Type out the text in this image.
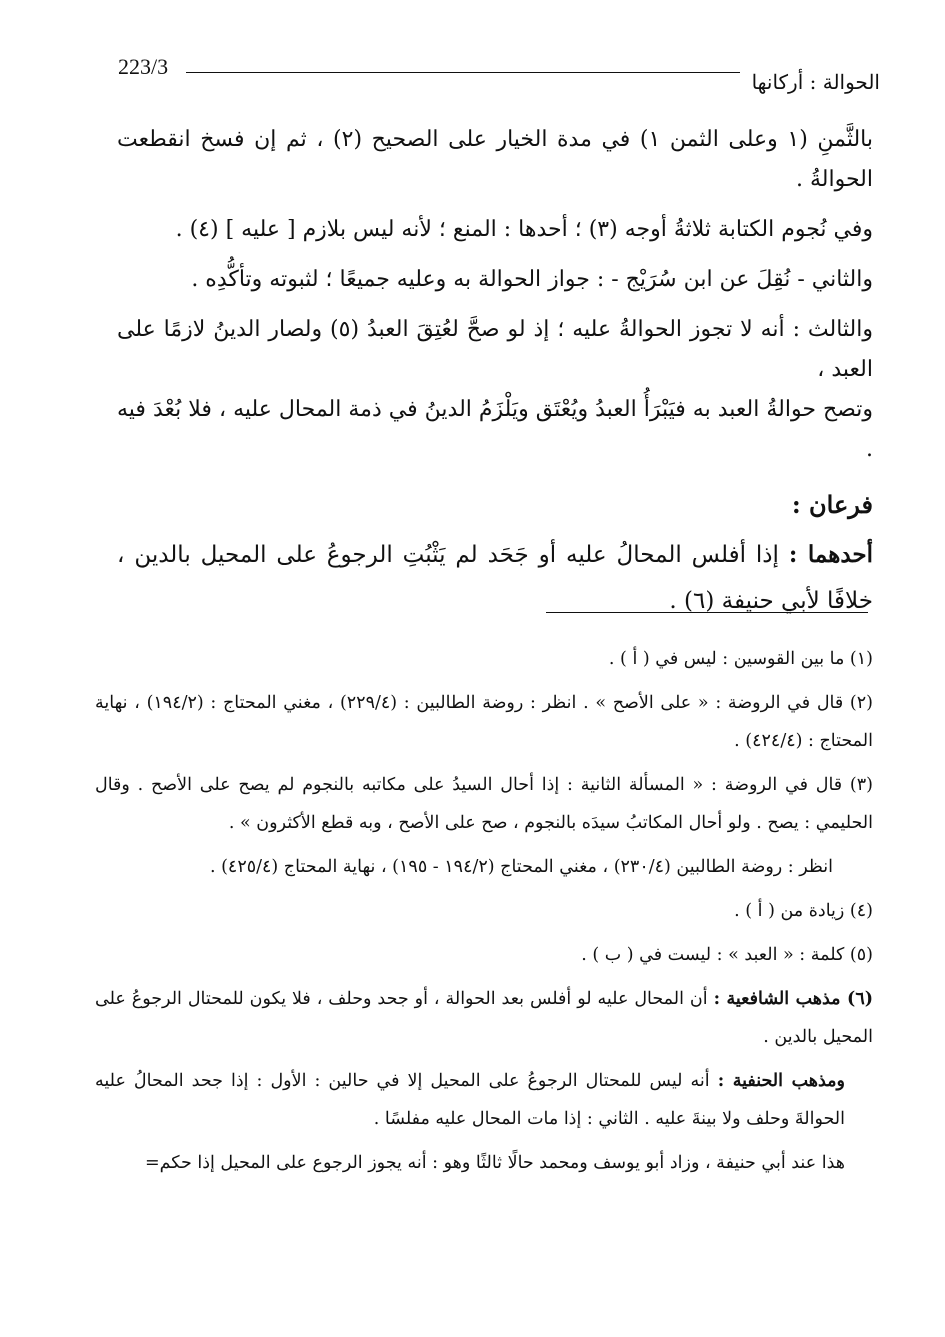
223/3
الحوالة : أركانها

بالثَّمنِ (١ وعلى الثمن ١) في مدة الخيار على الصحيح (٢) ، ثم إن فسخ انقطعت الحوالةُ .

وفي نُجوم الكتابة ثلاثةُ أوجه (٣) ؛ أحدها : المنع ؛ لأنه ليس بلازم [ عليه ] (٤) .

والثاني - نُقِلَ عن ابن سُرَيْج - : جواز الحوالة به وعليه جميعًا ؛ لثبوته وتأكُّدِه .

والثالث : أنه لا تجوز الحوالةُ عليه ؛ إذ لو صحَّ لعُتِقَ العبدُ (٥) ولصار الدينُ لازمًا على العبد ،

وتصح حوالةُ العبد به فيَبْرَأُ العبدُ ويُعْتَق ويَلْزَمُ الدينُ في ذمة المحال عليه ، فلا بُعْدَ فيه .

فرعان :

أحدهما : إذا أفلس المحالُ عليه أو جَحَد لم يَثْبُتِ الرجوعُ على المحيل بالدين ، خلافًا لأبي حنيفة (٦) .

(١) ما بين القوسين : ليس في ( أ ) .

(٢) قال في الروضة : « على الأصح » . انظر : روضة الطالبين : (٢٢٩/٤) ، مغني المحتاج : (١٩٤/٢) ، نهاية المحتاج : (٤٢٤/٤) .

(٣) قال في الروضة : « المسألة الثانية : إذا أحال السيدُ على مكاتبه بالنجوم لم يصح على الأصح . وقال الحليمي : يصح . ولو أحال المكاتبُ سيدَه بالنجوم ، صح على الأصح ، وبه قطع الأكثرون » .

انظر : روضة الطالبين (٢٣٠/٤) ، مغني المحتاج (١٩٤/٢ - ١٩٥) ، نهاية المحتاج (٤٢٥/٤) .

(٤) زيادة من ( أ ) .

(٥) كلمة : « العبد » : ليست في ( ب ) .

(٦) مذهب الشافعية : أن المحال عليه لو أفلس بعد الحوالة ، أو جحد وحلف ، فلا يكون للمحتال الرجوعُ على المحيل بالدين .

ومذهب الحنفية : أنه ليس للمحتال الرجوعُ على المحيل إلا في حالين : الأول : إذا جحد المحالُ عليه الحوالةَ وحلف ولا بينةَ عليه . الثاني : إذا مات المحال عليه مفلسًا .

هذا عند أبي حنيفة ، وزاد أبو يوسف ومحمد حالًا ثالثًا وهو : أنه يجوز الرجوع على المحيل إذا حكم=
